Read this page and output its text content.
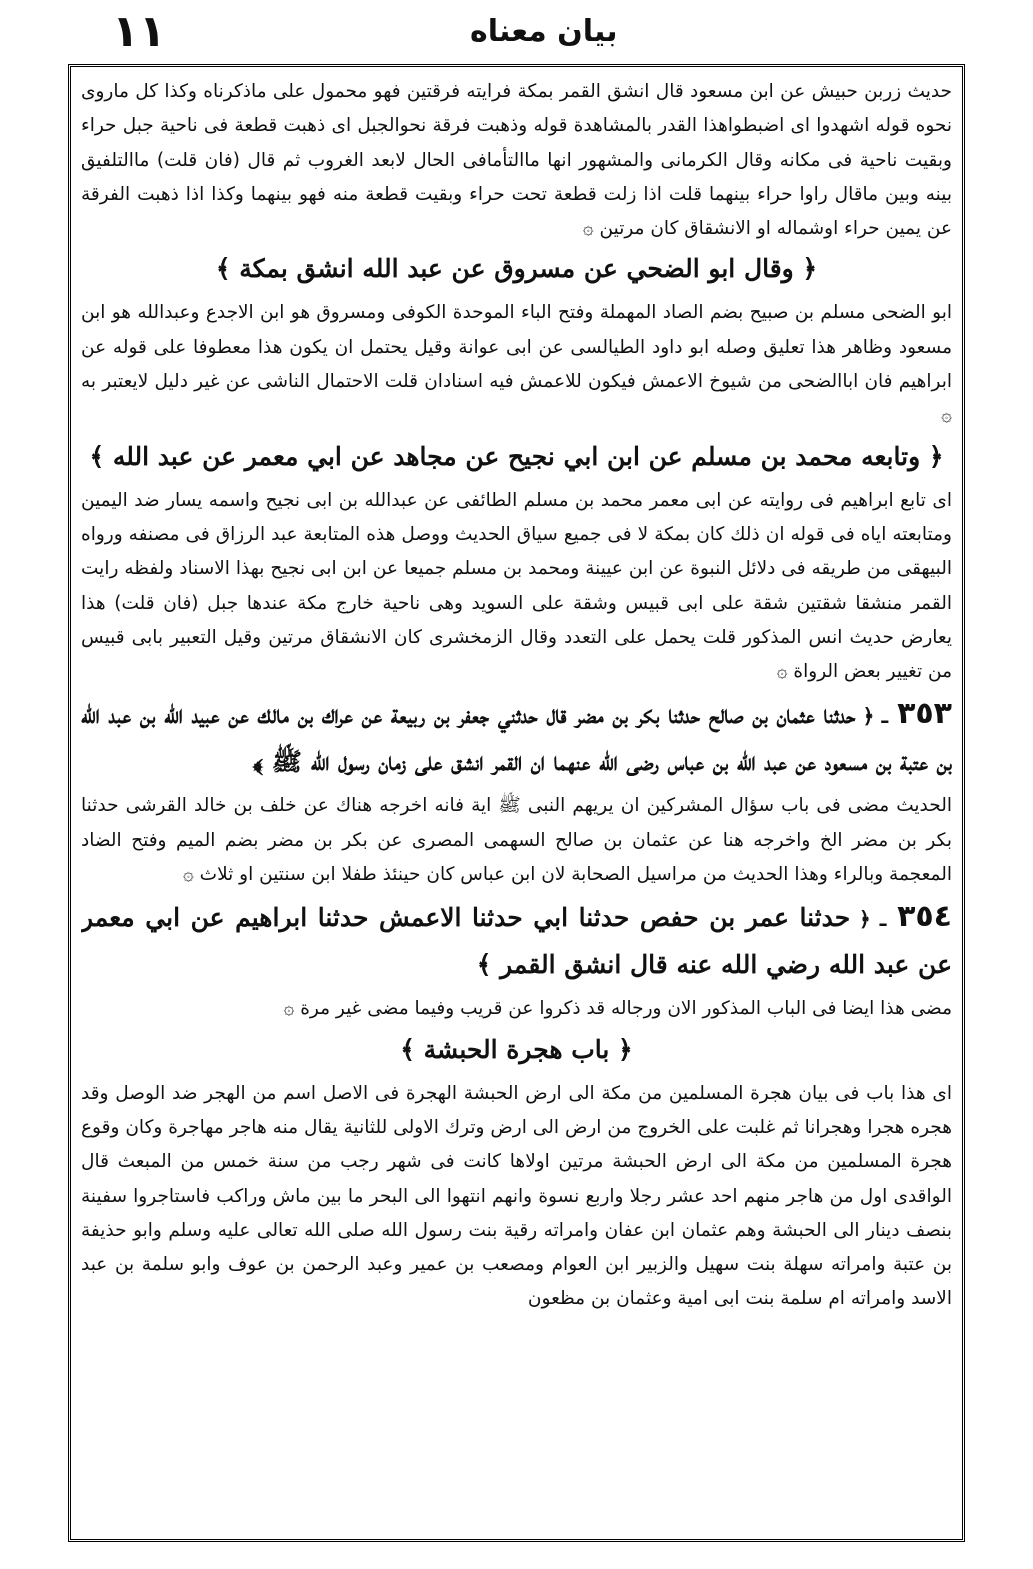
١١	بيان معناه

حديث زربن حبيش عن ابن مسعود قال انشق القمر بمكة فرايته فرقتين فهو محمول على ماذكرناه وكذا كل ماروى نحوه قوله اشهدوا اى اضبطواهذا القدر بالمشاهدة قوله وذهبت فرقة نحوالجبل اى ذهبت قطعة فى ناحية جبل حراء وبقيت ناحية فى مكانه وقال الكرمانى والمشهور انها ماالتأمافى الحال لابعد الغروب ثم قال (فان قلت) ماالتلفيق بينه وبين ماقال راوا حراء بينهما قلت اذا زلت قطعة تحت حراء وبقيت قطعة منه فهو بينهما وكذا اذا ذهبت الفرقة عن يمين حراء اوشماله او الانشقاق كان مرتين ۞

﴿ وقال ابو الضحي عن مسروق عن عبد الله انشق بمكة ﴾

ابو الضحى مسلم بن صبيح بضم الصاد المهملة وفتح الباء الموحدة الكوفى ومسروق هو ابن الاجدع وعبدالله هو ابن مسعود وظاهر هذا تعليق وصله ابو داود الطيالسى عن ابى عوانة وقيل يحتمل ان يكون هذا معطوفا على قوله عن ابراهيم فان اباالضحى من شيوخ الاعمش فيكون للاعمش فيه اسنادان قلت الاحتمال الناشى عن غير دليل لايعتبر به ۞

﴿ وتابعه محمد بن مسلم عن ابن ابي نجيح عن مجاهد عن ابي معمر عن عبد الله ﴾

اى تابع ابراهيم فى روايته عن ابى معمر محمد بن مسلم الطائفى عن عبدالله بن ابى نجيح واسمه يسار ضد اليمين ومتابعته اياه فى قوله ان ذلك كان بمكة لا فى جميع سياق الحديث ووصل هذه المتابعة عبد الرزاق فى مصنفه ورواه البيهقى من طريقه فى دلائل النبوة عن ابن عيينة ومحمد بن مسلم جميعا عن ابن ابى نجيح بهذا الاسناد ولفظه رايت القمر منشقا شقتين شقة على ابى قبيس وشقة على السويد وهى ناحية خارج مكة عندها جبل (فان قلت) هذا يعارض حديث انس المذكور قلت يحمل على التعدد وقال الزمخشرى كان الانشقاق مرتين وقيل التعبير بابى قبيس من تغيير بعض الرواة ۞

٣٥٣ ـ ﴿ حدثنا عثمان بن صالح حدثنا بكر بن مضر قال حدثني جعفر بن ربيعة عن عراك بن مالك عن عبيد الله بن عبد الله بن عتبة بن مسعود عن عبد الله بن عباس رضى الله عنهما ان القمر انشق على زمان رسول الله ﷺ ﴾

الحديث مضى فى باب سؤال المشركين ان يريهم النبى ﷺ اية فانه اخرجه هناك عن خلف بن خالد القرشى حدثنا بكر بن مضر الخ واخرجه هنا عن عثمان بن صالح السهمى المصرى عن بكر بن مضر بضم الميم وفتح الضاد المعجمة وبالراء وهذا الحديث من مراسيل الصحابة لان ابن عباس كان حينئذ طفلا ابن سنتين او ثلاث ۞

٣٥٤ ـ ﴿ حدثنا عمر بن حفص حدثنا ابي حدثنا الاعمش حدثنا ابراهيم عن ابي معمر عن عبد الله رضي الله عنه قال انشق القمر ﴾

مضى هذا ايضا فى الباب المذكور الان ورجاله قد ذكروا عن قريب وفيما مضى غير مرة ۞

﴿ باب هجرة الحبشة ﴾

اى هذا باب فى بيان هجرة المسلمين من مكة الى ارض الحبشة الهجرة فى الاصل اسم من الهجر ضد الوصل وقد هجره هجرا وهجرانا ثم غلبت على الخروج من ارض الى ارض وترك الاولى للثانية يقال منه هاجر مهاجرة وكان وقوع هجرة المسلمين من مكة الى ارض الحبشة مرتين اولاها كانت فى شهر رجب من سنة خمس من المبعث قال الواقدى اول من هاجر منهم احد عشر رجلا واربع نسوة وانهم انتهوا الى البحر ما بين ماش وراكب فاستاجروا سفينة بنصف دينار الى الحبشة وهم عثمان ابن عفان وامراته رقية بنت رسول الله صلى الله تعالى عليه وسلم وابو حذيفة بن عتبة وامراته سهلة بنت سهيل والزبير ابن العوام ومصعب بن عمير وعبد الرحمن بن عوف وابو سلمة بن عبد الاسد وامراته ام سلمة بنت ابى امية وعثمان بن مظعون
